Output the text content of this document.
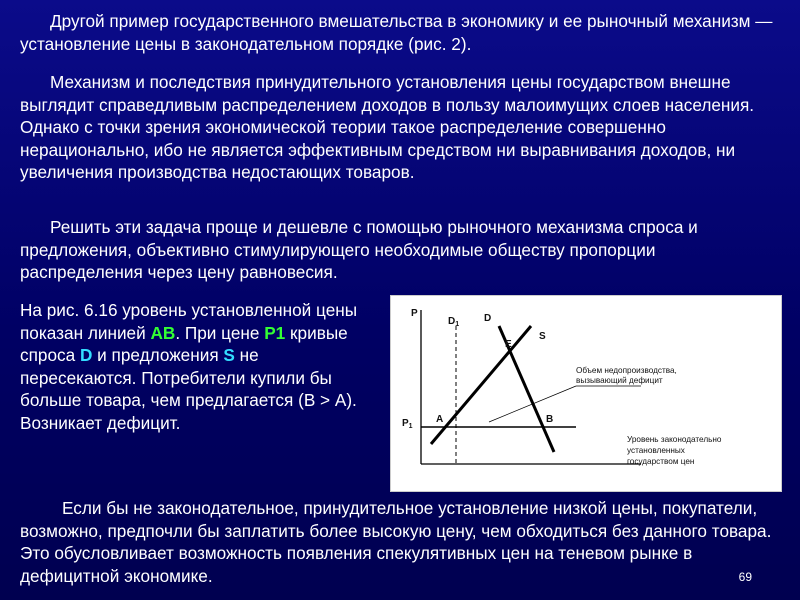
Другой пример государственного вмешательства в экономику и ее рыночный механизм — установление цены в законодательном порядке (рис. 2).

Механизм и последствия принудительного установления цены государством внешне выглядит справедливым распределением доходов в пользу малоимущих слоев населения. Однако с точки зрения экономической теории такое распределение совершенно нерационально, ибо не является эффективным средством ни выравнивания доходов, ни увеличения производства недостающих товаров.

Решить эти задача проще и дешевле с помощью рыночного механизма спроса и предложения, объективно стимулирующего необходимые обществу пропорции распределения через цену равновесия.

На рис. 6.16 уровень установленной цены показан линией AB. При цене P1 кривые спроса D и предложения S не пересекаются. Потребители купили бы больше товара, чем предлагается (В > А). Возникает дефицит.

P
$D_1$
D
S
E
$P_1$
A	B
Объем недопроизводства,
вызывающий дефицит
Уровень законодательно
установленных
государством цен

Если бы не законодательное, принудительное установление низкой цены, покупатели, возможно, предпочли бы заплатить более высокую цену, чем обходиться без данного товара. Это обусловливает возможность появления спекулятивных цен на теневом рынке в дефицитной экономике.	69
